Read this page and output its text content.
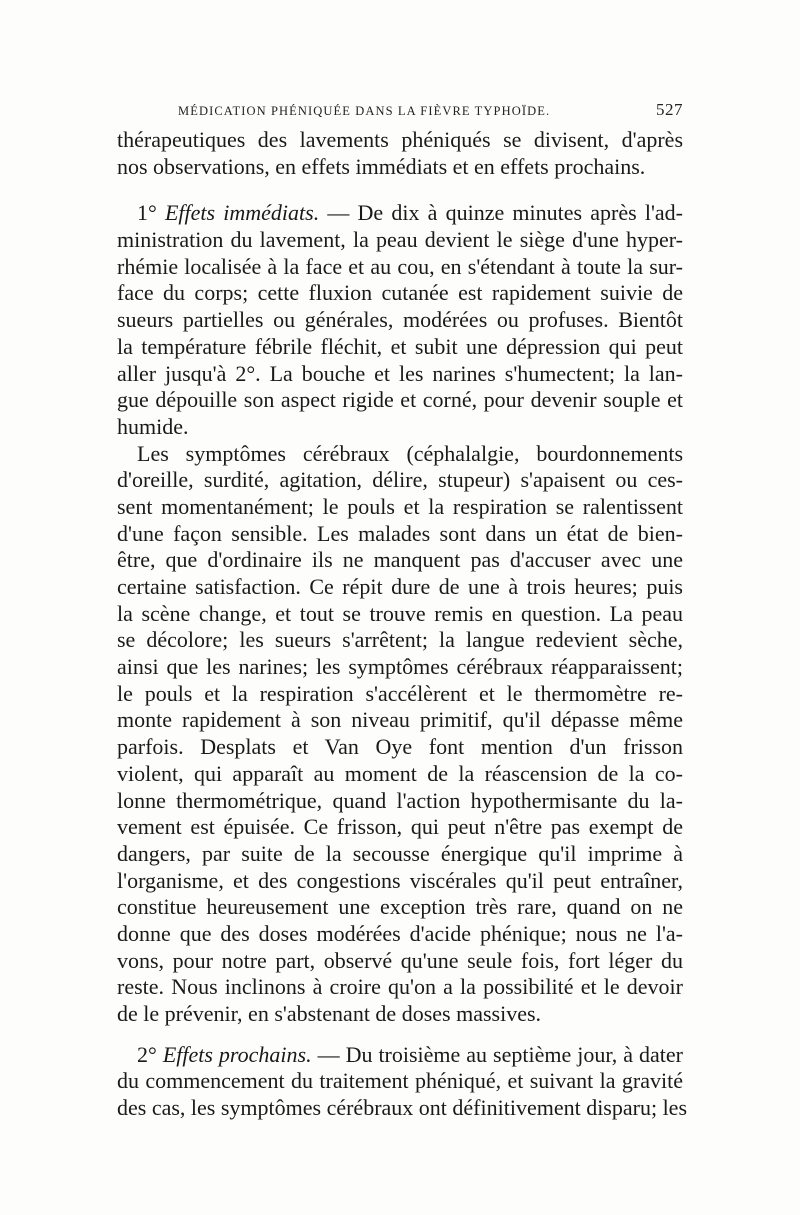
MÉDICATION PHÉNIQUÉE DANS LA FIÈVRE TYPHOÏDE.	527
thérapeutiques des lavements phéniqués se divisent, d'après
nos observations, en effets immédiats et en effets prochains.
1° Effets immédiats. — De dix à quinze minutes après l'ad-
ministration du lavement, la peau devient le siège d'une hyper-
rhémie localisée à la face et au cou, en s'étendant à toute la sur-
face du corps; cette fluxion cutanée est rapidement suivie de
sueurs partielles ou générales, modérées ou profuses. Bientôt
la température fébrile fléchit, et subit une dépression qui peut
aller jusqu'à 2°. La bouche et les narines s'humectent; la lan-
gue dépouille son aspect rigide et corné, pour devenir souple et
humide.
Les symptômes cérébraux (céphalalgie, bourdonnements
d'oreille, surdité, agitation, délire, stupeur) s'apaisent ou ces-
sent momentanément; le pouls et la respiration se ralentissent
d'une façon sensible. Les malades sont dans un état de bien-
être, que d'ordinaire ils ne manquent pas d'accuser avec une
certaine satisfaction. Ce répit dure de une à trois heures; puis
la scène change, et tout se trouve remis en question. La peau
se décolore; les sueurs s'arrêtent; la langue redevient sèche,
ainsi que les narines; les symptômes cérébraux réapparaissent;
le pouls et la respiration s'accélèrent et le thermomètre re-
monte rapidement à son niveau primitif, qu'il dépasse même
parfois. Desplats et Van Oye font mention d'un frisson
violent, qui apparaît au moment de la réascension de la co-
lonne thermométrique, quand l'action hypothermisante du la-
vement est épuisée. Ce frisson, qui peut n'être pas exempt de
dangers, par suite de la secousse énergique qu'il imprime à
l'organisme, et des congestions viscérales qu'il peut entraîner,
constitue heureusement une exception très rare, quand on ne
donne que des doses modérées d'acide phénique; nous ne l'a-
vons, pour notre part, observé qu'une seule fois, fort léger du
reste. Nous inclinons à croire qu'on a la possibilité et le devoir
de le prévenir, en s'abstenant de doses massives.
2° Effets prochains. — Du troisième au septième jour, à dater
du commencement du traitement phéniqué, et suivant la gravité
des cas, les symptômes cérébraux ont définitivement disparu; les
